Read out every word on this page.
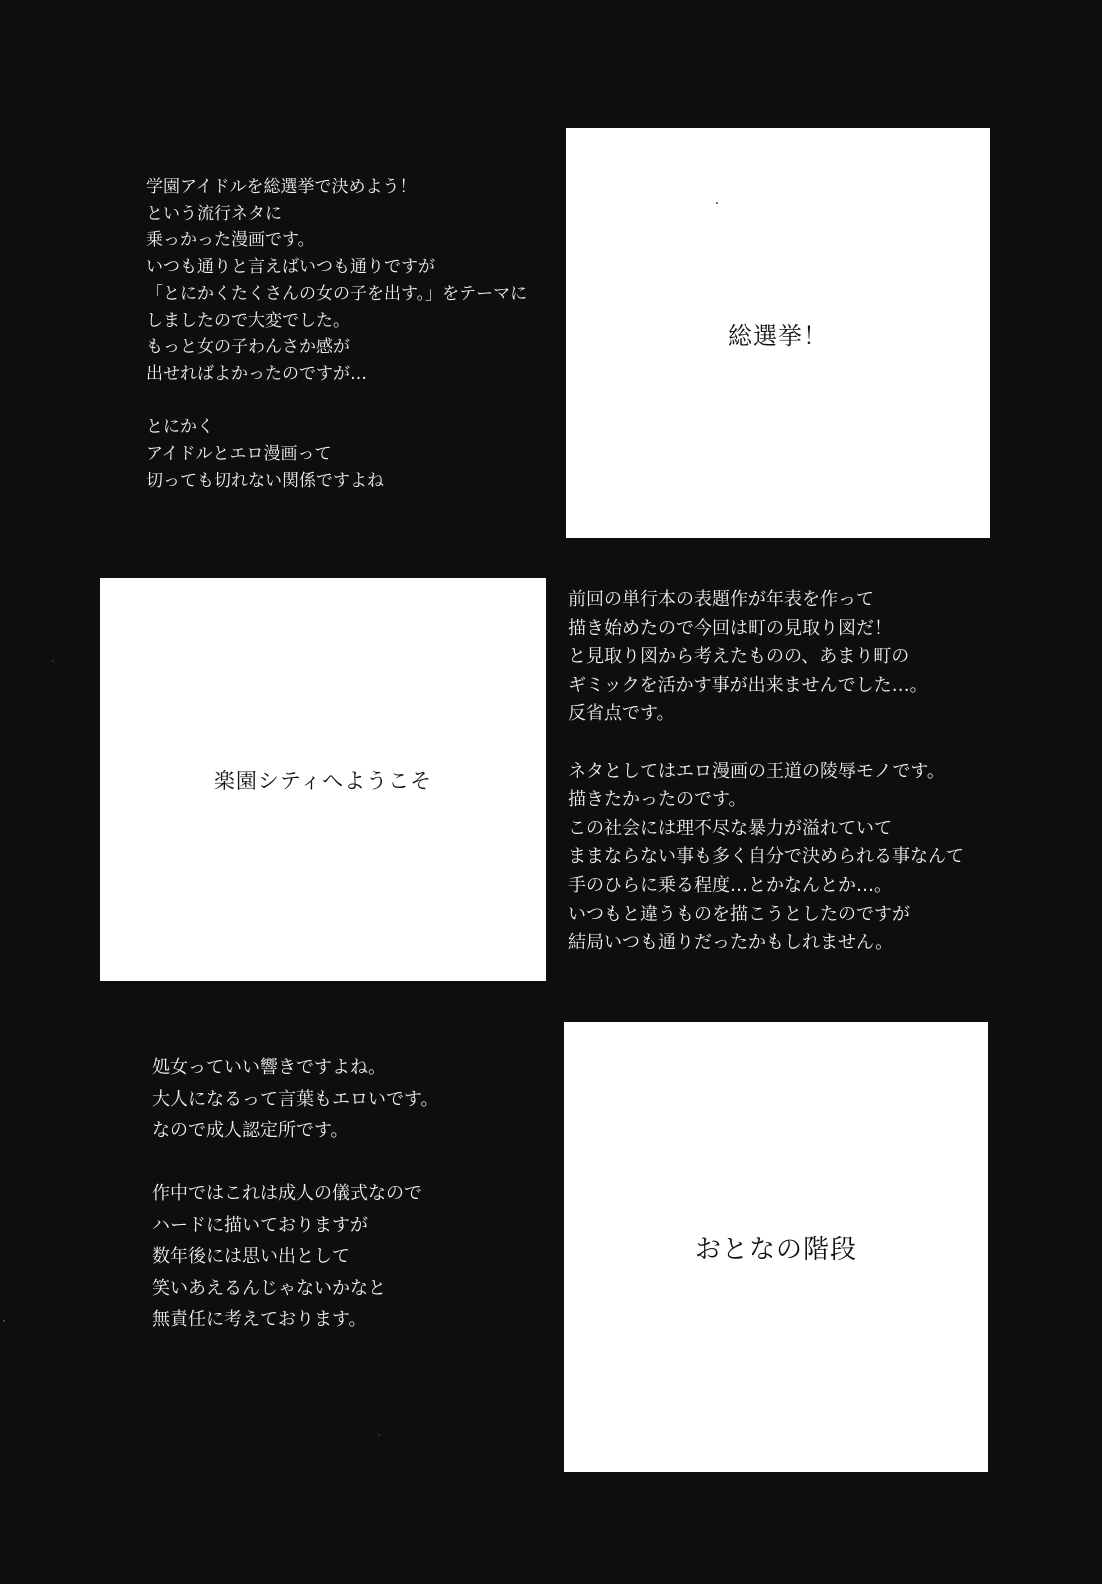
学園アイドルを総選挙で決めよう！
という流行ネタに
乗っかった漫画です。
いつも通りと言えばいつも通りですが
「とにかくたくさんの女の子を出す。」をテーマに
しましたので大変でした。
もっと女の子わんさか感が
出せればよかったのですが…
とにかく
アイドルとエロ漫画って
切っても切れない関係ですよね
総選挙！
楽園シティへようこそ
前回の単行本の表題作が年表を作って
描き始めたので今回は町の見取り図だ！
と見取り図から考えたものの、あまり町の
ギミックを活かす事が出来ませんでした…。
反省点です。
ネタとしてはエロ漫画の王道の陵辱モノです。
描きたかったのです。
この社会には理不尽な暴力が溢れていて
ままならない事も多く自分で決められる事なんて
手のひらに乗る程度…とかなんとか…。
いつもと違うものを描こうとしたのですが
結局いつも通りだったかもしれません。
処女っていい響きですよね。
大人になるって言葉もエロいです。
なので成人認定所です。
作中ではこれは成人の儀式なので
ハードに描いておりますが
数年後には思い出として
笑いあえるんじゃないかなと
無責任に考えております。
おとなの階段
